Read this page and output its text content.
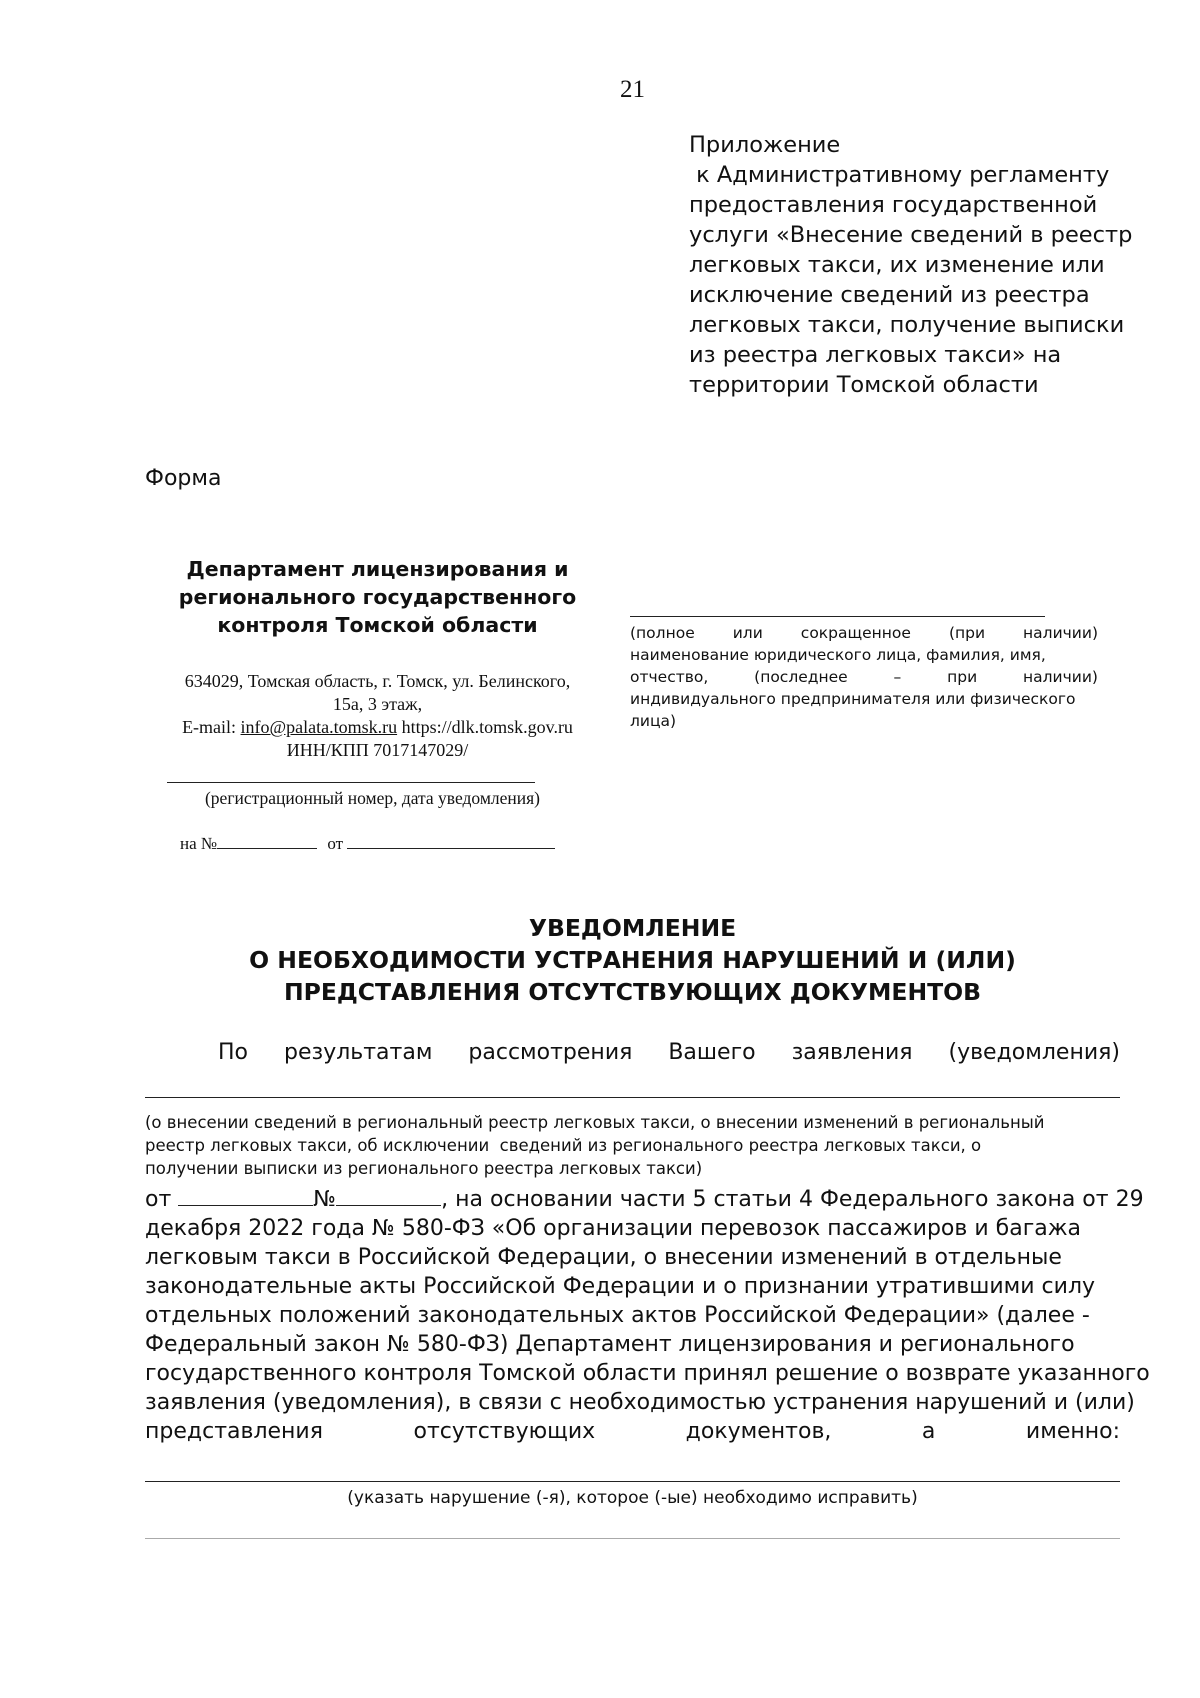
21
Приложение
к Административному регламенту
предоставления государственной
услуги «Внесение сведений в реестр
легковых такси, их изменение или
исключение сведений из реестра
легковых такси, получение выписки
из реестра легковых такси» на
территории Томской области
Форма
Департамент лицензирования и
регионального государственного
контроля Томской области
634029, Томская область, г. Томск, ул. Белинского,
15а, 3 этаж,
E-mail: info@palata.tomsk.ru https://dlk.tomsk.gov.ru
ИНН/КПП 7017147029/
(регистрационный номер, дата уведомления)
на №	от
(полное или сокращенное (при наличии)
наименование юридического лица, фамилия, имя,
отчество,	(последнее	–	при	наличии)
индивидуального предпринимателя или физического
лица)
УВЕДОМЛЕНИЕ
О НЕОБХОДИМОСТИ УСТРАНЕНИЯ НАРУШЕНИЙ И (ИЛИ)
ПРЕДСТАВЛЕНИЯ ОТСУТСТВУЮЩИХ ДОКУМЕНТОВ
По результатам рассмотрения Вашего заявления (уведомления)
(о внесении сведений в региональный реестр легковых такси, о внесении изменений в региональный
реестр легковых такси, об исключении  сведений из регионального реестра легковых такси, о
получении выписки из регионального реестра легковых такси)
от	№	, на основании части 5 статьи 4 Федерального закона от 29
декабря 2022 года № 580-ФЗ «Об организации перевозок пассажиров и багажа
легковым такси в Российской Федерации, о внесении изменений в отдельные
законодательные акты Российской Федерации и о признании утратившими силу
отдельных положений законодательных актов Российской Федерации» (далее -
Федеральный закон № 580-ФЗ) Департамент лицензирования и регионального
государственного контроля Томской области принял решение о возврате указанного
заявления (уведомления), в связи с необходимостью устранения нарушений и (или)
представления	отсутствующих	документов,	а	именно:
(указать нарушение (-я), которое (-ые) необходимо исправить)
